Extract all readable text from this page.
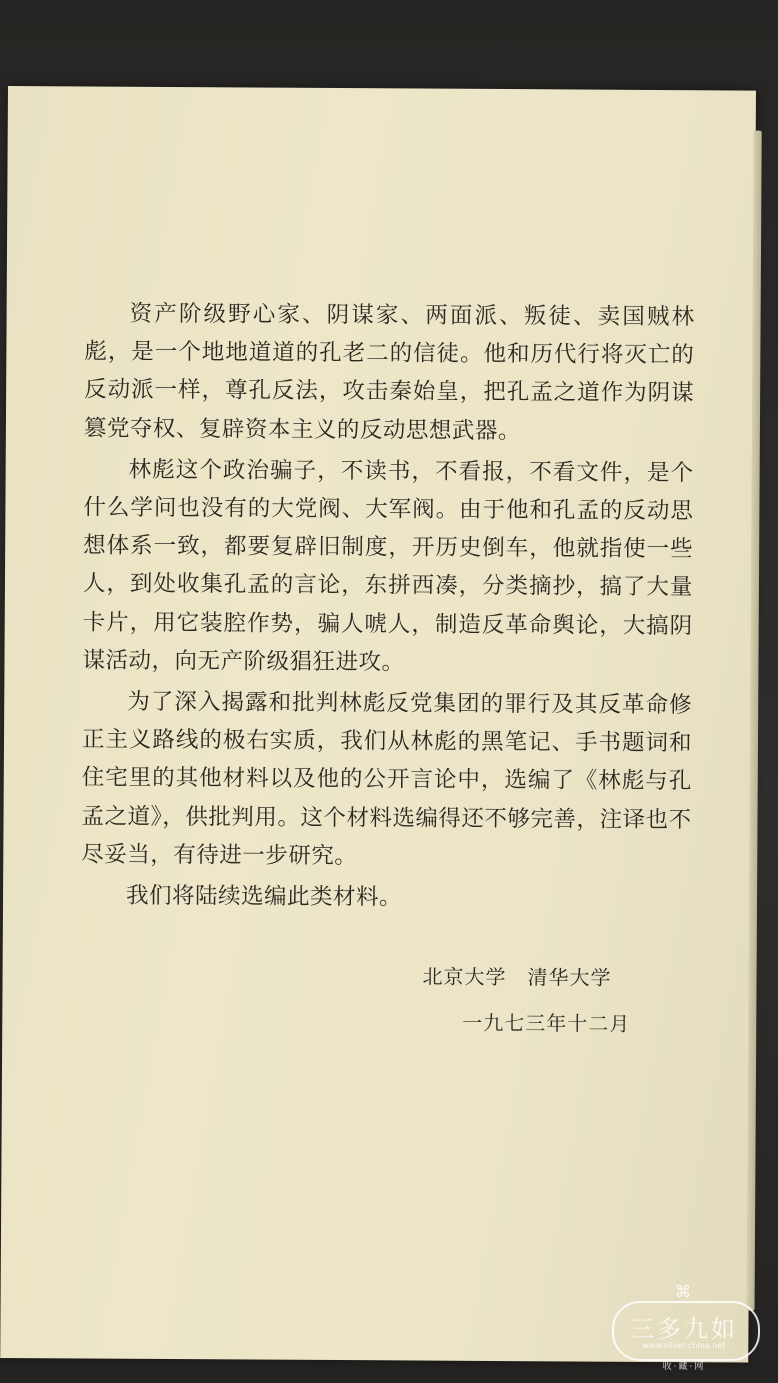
资产阶级野心家、阴谋家、两面派、叛徒、卖国贼林彪，是一个地地道道的孔老二的信徒。他和历代行将灭亡的反动派一样，尊孔反法，攻击秦始皇，把孔孟之道作为阴谋篡党夺权、复辟资本主义的反动思想武器。

林彪这个政治骗子，不读书，不看报，不看文件，是个什么学问也没有的大党阀、大军阀。由于他和孔孟的反动思想体系一致，都要复辟旧制度，开历史倒车，他就指使一些人，到处收集孔孟的言论，东拼西凑，分类摘抄，搞了大量卡片，用它装腔作势，骗人唬人，制造反革命舆论，大搞阴谋活动，向无产阶级猖狂进攻。

为了深入揭露和批判林彪反党集团的罪行及其反革命修正主义路线的极右实质，我们从林彪的黑笔记、手书题词和住宅里的其他材料以及他的公开言论中，选编了《林彪与孔孟之道》，供批判用。这个材料选编得还不够完善，注译也不尽妥当，有待进一步研究。

我们将陆续选编此类材料。

北京大学　清华大学
一九七三年十二月
⌘
三多九如
www.silver-china.net
收·藏·网
